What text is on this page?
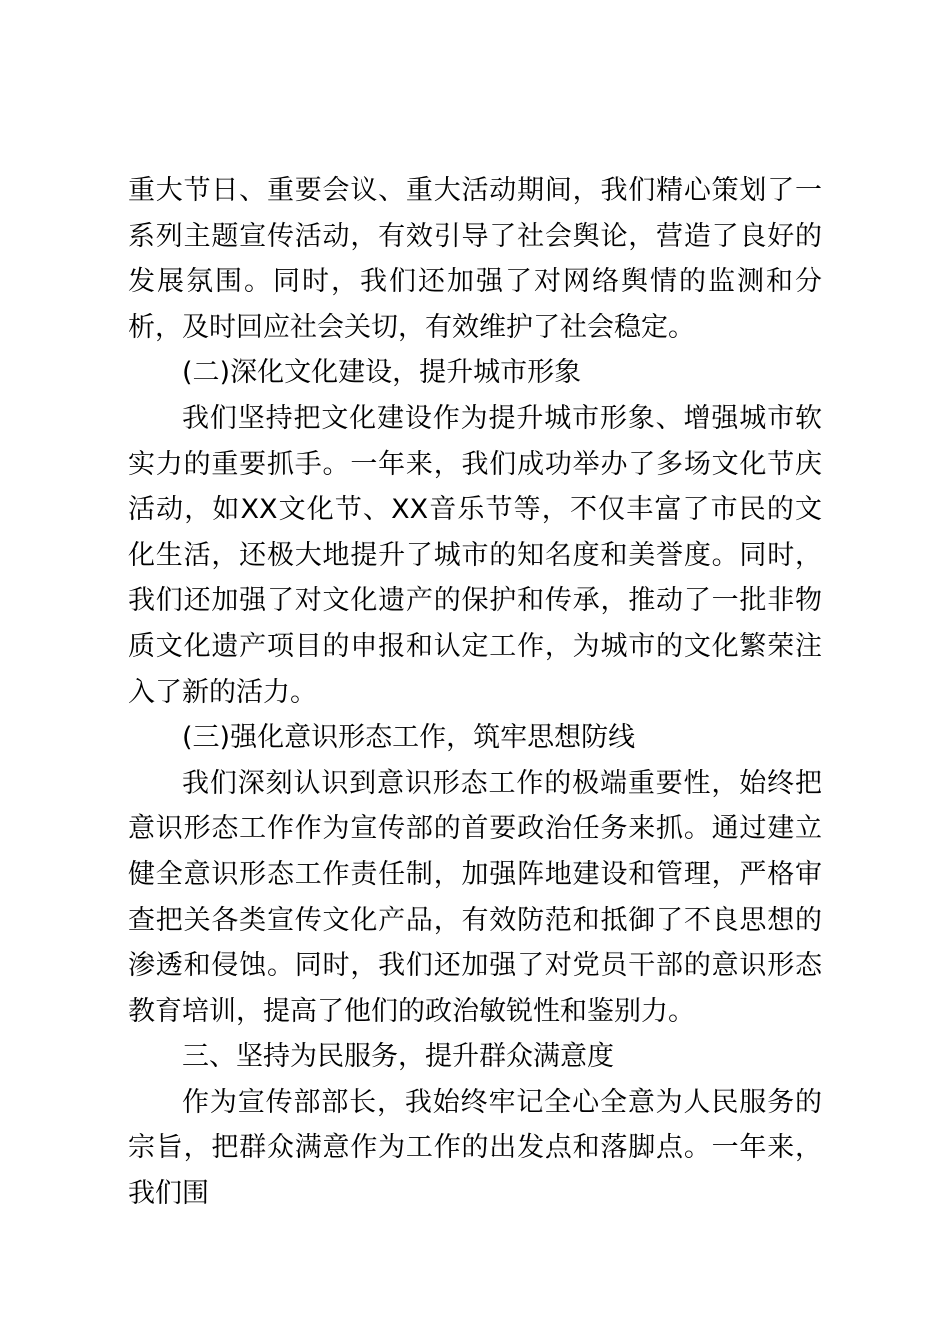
重大节日、重要会议、重大活动期间，我们精心策划了一系列主题宣传活动，有效引导了社会舆论，营造了良好的发展氛围。同时，我们还加强了对网络舆情的监测和分析，及时回应社会关切，有效维护了社会稳定。

(二)深化文化建设，提升城市形象

我们坚持把文化建设作为提升城市形象、增强城市软实力的重要抓手。一年来，我们成功举办了多场文化节庆活动，如XX文化节、XX音乐节等，不仅丰富了市民的文化生活，还极大地提升了城市的知名度和美誉度。同时，我们还加强了对文化遗产的保护和传承，推动了一批非物质文化遗产项目的申报和认定工作，为城市的文化繁荣注入了新的活力。

(三)强化意识形态工作，筑牢思想防线

我们深刻认识到意识形态工作的极端重要性，始终把意识形态工作作为宣传部的首要政治任务来抓。通过建立健全意识形态工作责任制，加强阵地建设和管理，严格审查把关各类宣传文化产品，有效防范和抵御了不良思想的渗透和侵蚀。同时，我们还加强了对党员干部的意识形态教育培训，提高了他们的政治敏锐性和鉴别力。

三、坚持为民服务，提升群众满意度

作为宣传部部长，我始终牢记全心全意为人民服务的宗旨，把群众满意作为工作的出发点和落脚点。一年来，我们围
